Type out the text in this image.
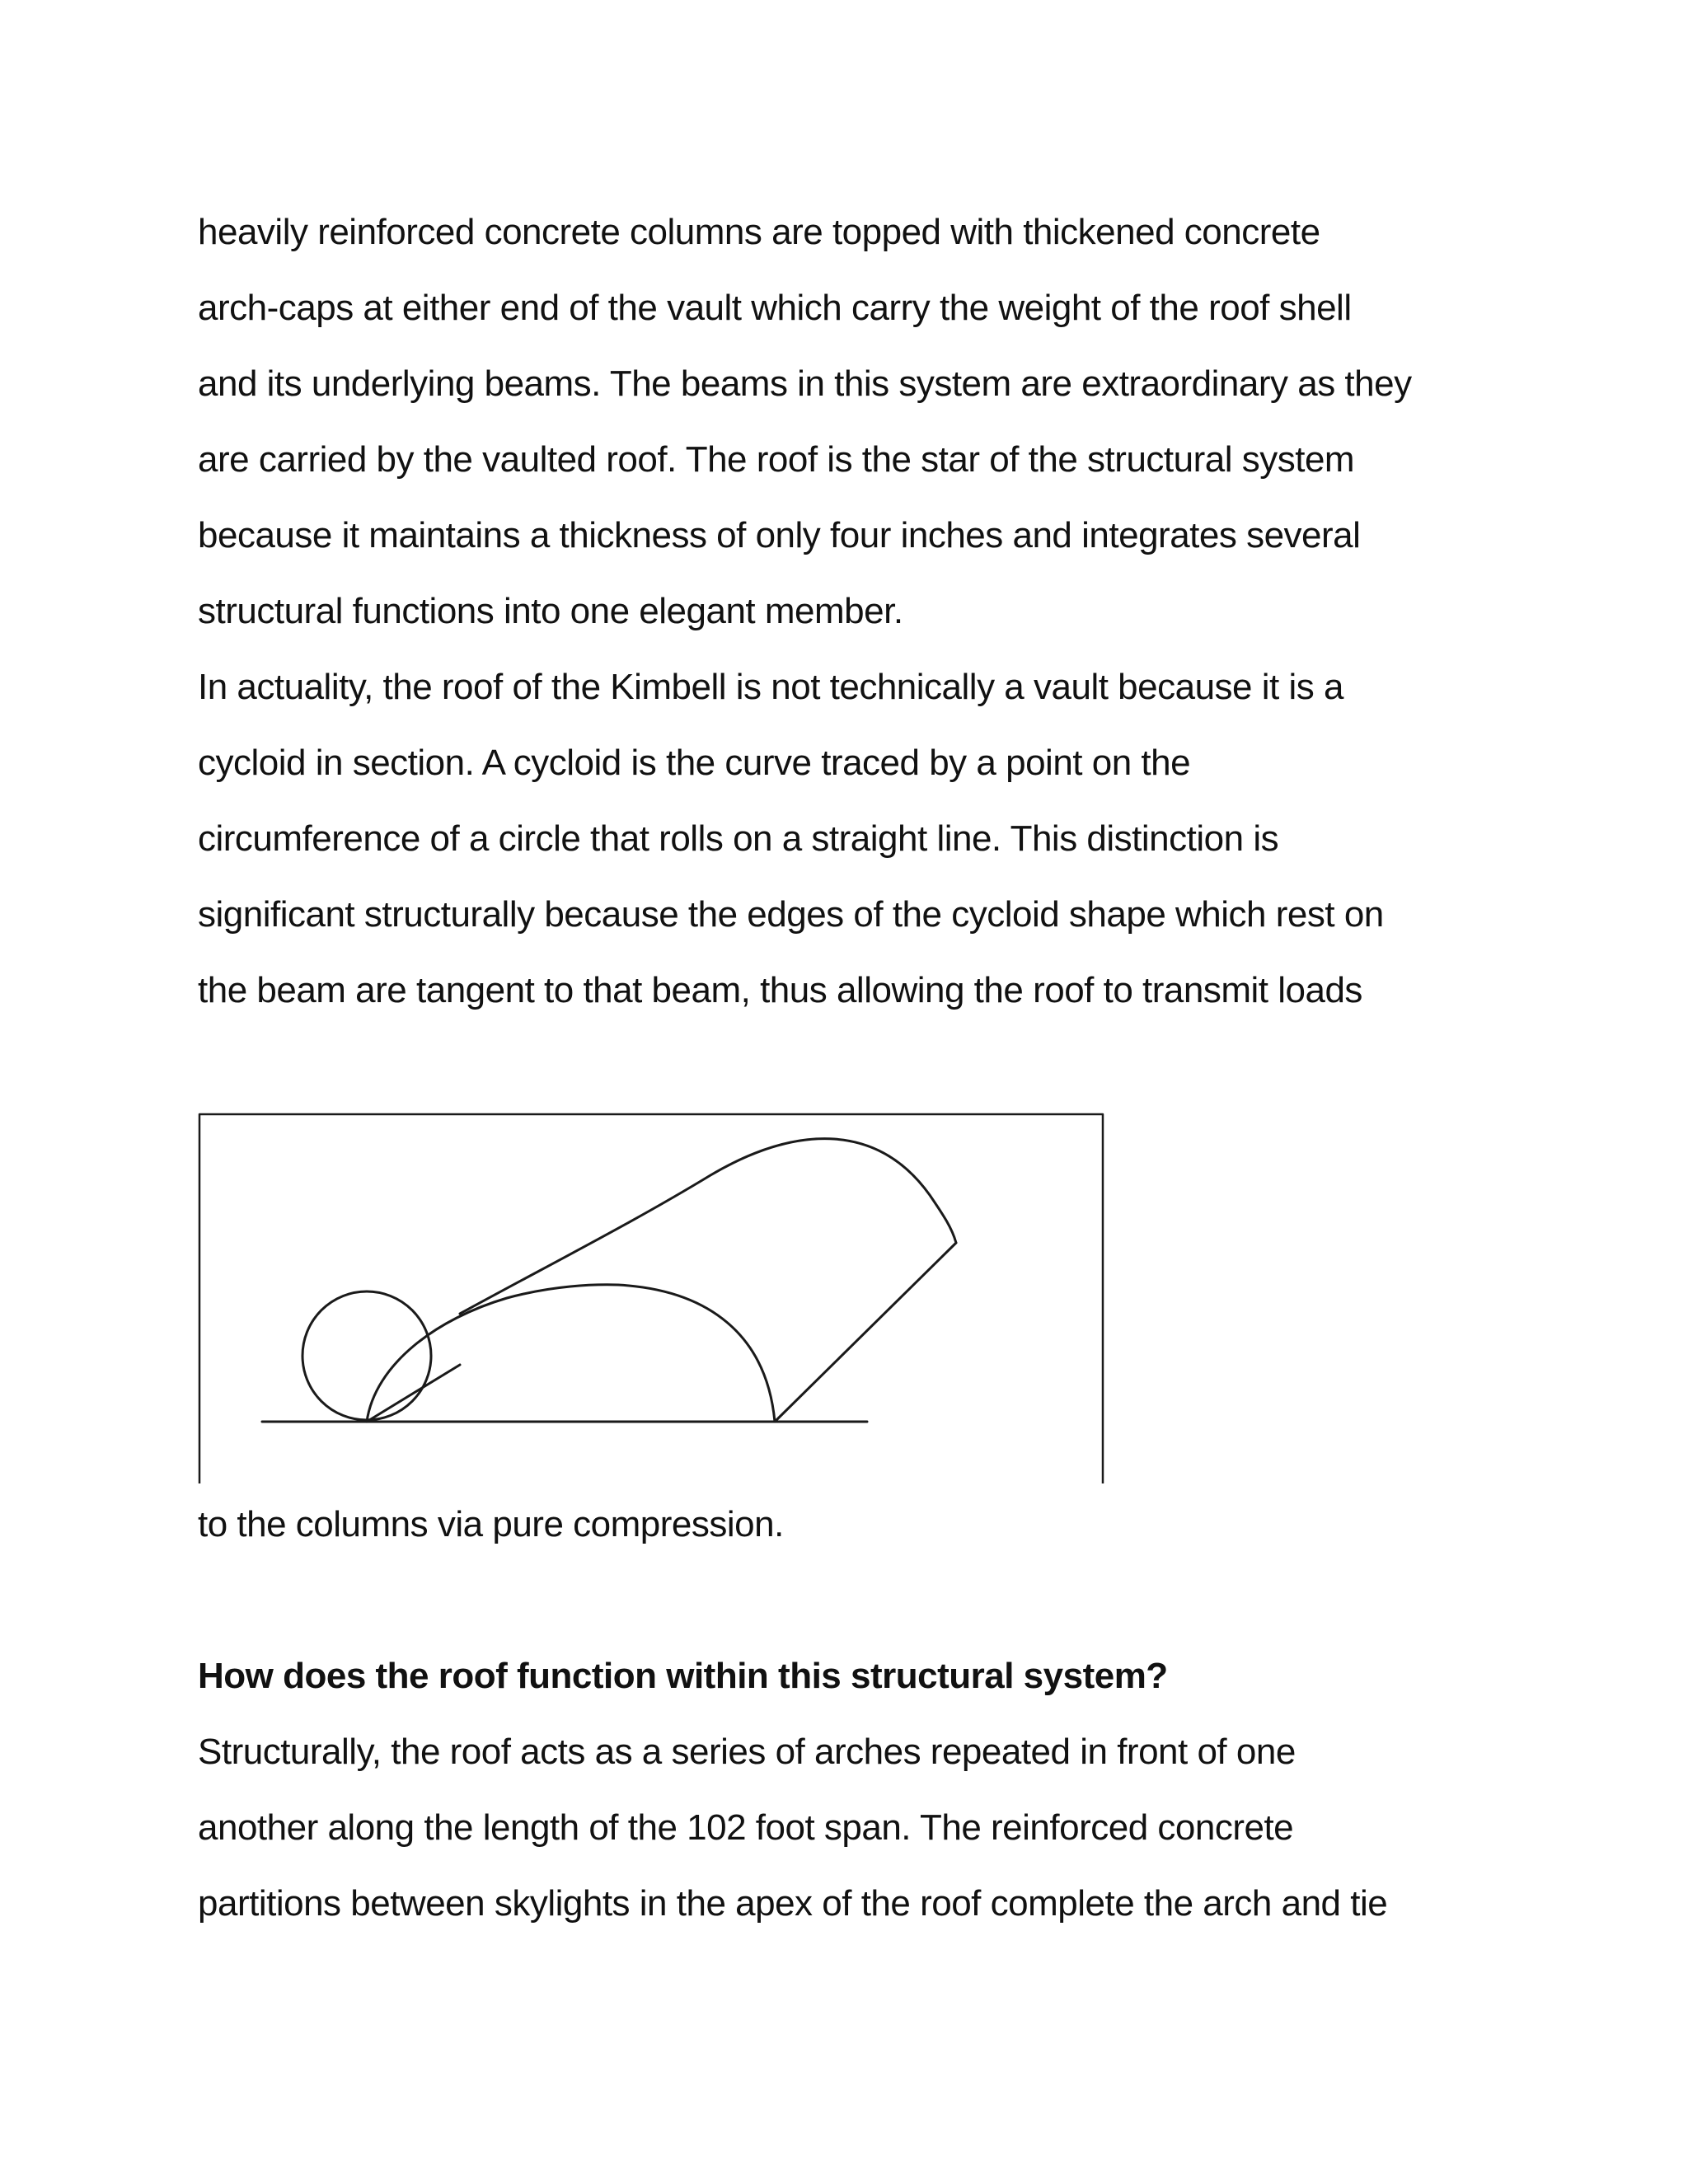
heavily reinforced concrete columns are topped with thickened concrete
arch-caps at either end of the vault which carry the weight of the roof shell
and its underlying beams. The beams in this system are extraordinary as they
are carried by the vaulted roof. The roof is the star of the structural system
because it maintains a thickness of only four inches and integrates several
structural functions into one elegant member.
In actuality, the roof of the Kimbell is not technically a vault because it is a
cycloid in section. A cycloid is the curve traced by a point on the
circumference of a circle that rolls on a straight line. This distinction is
significant structurally because the edges of the cycloid shape which rest on
the beam are tangent to that beam, thus allowing the roof to transmit loads
to the columns via pure compression.
How does the roof function within this structural system?
Structurally, the roof acts as a series of arches repeated in front of one
another along the length of the 102 foot span. The reinforced concrete
partitions between skylights in the apex of the roof complete the arch and tie
